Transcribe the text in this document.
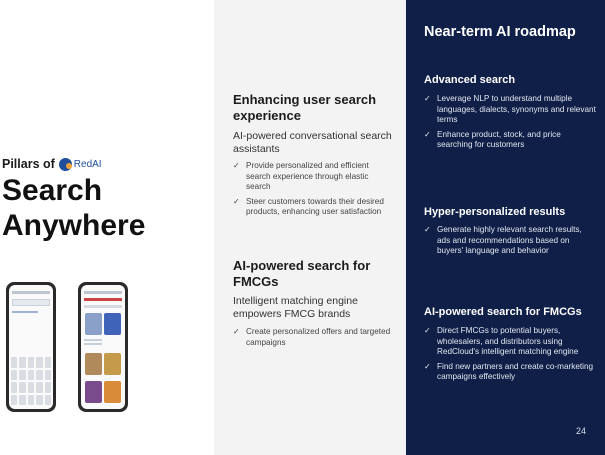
Pillars of RedAI
Search Anywhere
Enhancing user search experience
AI-powered conversational search assistants
✓ Provide personalized and efficient search experience through elastic search
✓ Steer customers towards their desired products, enhancing user satisfaction
AI-powered search for FMCGs
Intelligent matching engine empowers FMCG brands
✓ Create personalized offers and targeted campaigns
Near-term AI roadmap
Advanced search
✓ Leverage NLP to understand multiple languages, dialects, synonyms and relevant terms
✓ Enhance product, stock, and price searching for customers
Hyper-personalized results
✓ Generate highly relevant search results, ads and recommendations based on buyers' language and behavior
AI-powered search for FMCGs
✓ Direct FMCGs to potential buyers, wholesalers, and distributors using RedCloud's intelligent matching engine
✓ Find new partners and create co-marketing campaigns effectively
24
